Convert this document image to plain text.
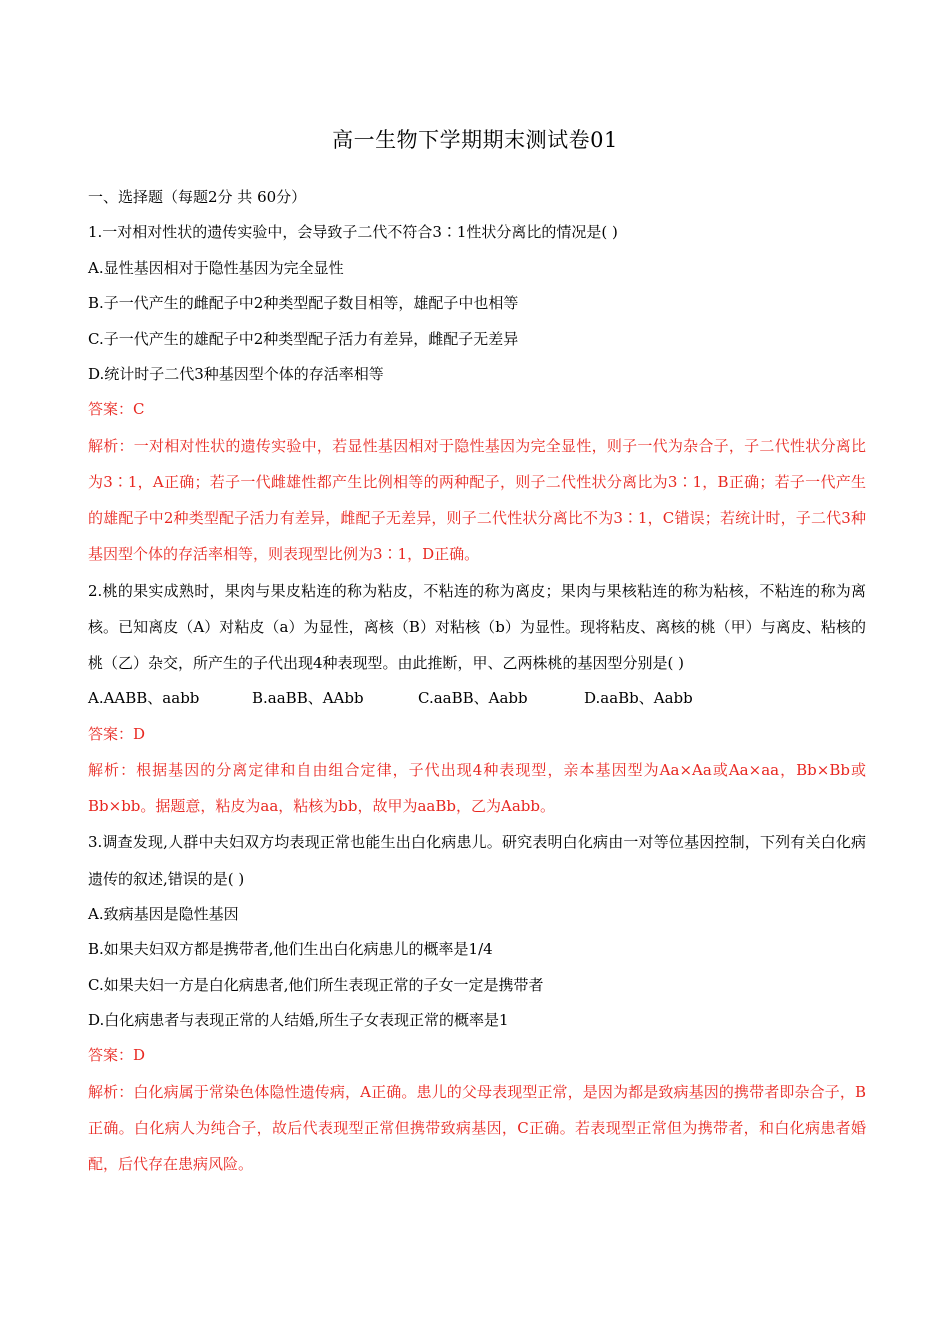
高一生物下学期期末测试卷01
一、选择题（每题2分 共 60分）
1.一对相对性状的遗传实验中，会导致子二代不符合3∶1性状分离比的情况是( )
A.显性基因相对于隐性基因为完全显性
B.子一代产生的雌配子中2种类型配子数目相等，雄配子中也相等
C.子一代产生的雄配子中2种类型配子活力有差异，雌配子无差异
D.统计时子二代3种基因型个体的存活率相等
答案：C
解析：一对相对性状的遗传实验中，若显性基因相对于隐性基因为完全显性，则子一代为杂合子，子二代性状分离比为3∶1，A正确；若子一代雌雄性都产生比例相等的两种配子，则子二代性状分离比为3∶1，B正确；若子一代产生的雄配子中2种类型配子活力有差异，雌配子无差异，则子二代性状分离比不为3∶1，C错误；若统计时，子二代3种基因型个体的存活率相等，则表现型比例为3∶1，D正确。
2.桃的果实成熟时，果肉与果皮粘连的称为粘皮，不粘连的称为离皮；果肉与果核粘连的称为粘核，不粘连的称为离核。已知离皮（A）对粘皮（a）为显性，离核（B）对粘核（b）为显性。现将粘皮、离核的桃（甲）与离皮、粘核的桃（乙）杂交，所产生的子代出现4种表现型。由此推断，甲、乙两株桃的基因型分别是( )
A.AABB、aabb	B.aaBB、AAbb	C.aaBB、Aabb	D.aaBb、Aabb
答案：D
解析：根据基因的分离定律和自由组合定律，子代出现4种表现型，亲本基因型为Aa×Aa或Aa×aa，Bb×Bb或Bb×bb。据题意，粘皮为aa，粘核为bb，故甲为aaBb，乙为Aabb。
3.调查发现,人群中夫妇双方均表现正常也能生出白化病患儿。研究表明白化病由一对等位基因控制，下列有关白化病遗传的叙述,错误的是( )
A.致病基因是隐性基因
B.如果夫妇双方都是携带者,他们生出白化病患儿的概率是1/4
C.如果夫妇一方是白化病患者,他们所生表现正常的子女一定是携带者
D.白化病患者与表现正常的人结婚,所生子女表现正常的概率是1
答案：D
解析：白化病属于常染色体隐性遗传病，A正确。患儿的父母表现型正常，是因为都是致病基因的携带者即杂合子，B正确。白化病人为纯合子，故后代表现型正常但携带致病基因，C正确。若表现型正常但为携带者，和白化病患者婚配，后代存在患病风险。
